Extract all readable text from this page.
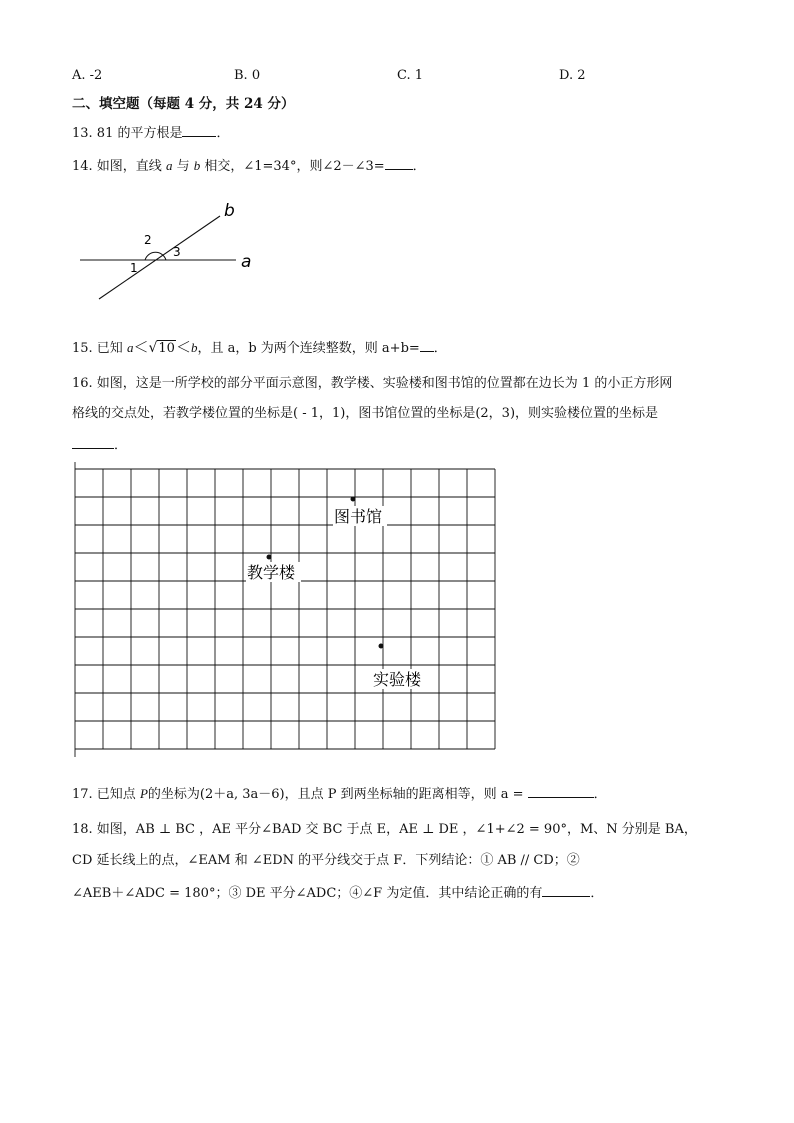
A. -2	B. 0	C. 1	D. 2
二、填空题（每题 4 分，共 24 分）
13. 81 的平方根是	．
14. 如图，直线 a 与 b 相交，∠1=34°，则∠2－∠3= ．
b
a
2
3
1
15. 已知 a＜√10＜b，且 a，b 为两个连续整数，则 a+b= ．
16. 如图，这是一所学校的部分平面示意图，教学楼、实验楼和图书馆的位置都在边长为 1 的小正方形网
格线的交点处，若教学楼位置的坐标是( - 1，1)，图书馆位置的坐标是(2，3)，则实验楼位置的坐标是
．
图书馆
教学楼
实验楼
17. 已知点 P的坐标为(2＋a, 3a－6)，且点 P 到两坐标轴的距离相等，则 a =	．
18. 如图，AB ⊥ BC ，AE 平分∠BAD 交 BC 于点 E，AE ⊥ DE ，∠1+∠2 = 90°，M、N 分别是 BA，
CD 延长线上的点，∠EAM 和 ∠EDN 的平分线交于点 F．下列结论：① AB // CD；②
∠AEB＋∠ADC = 180°；③ DE 平分∠ADC；④∠F 为定值．其中结论正确的有	．
